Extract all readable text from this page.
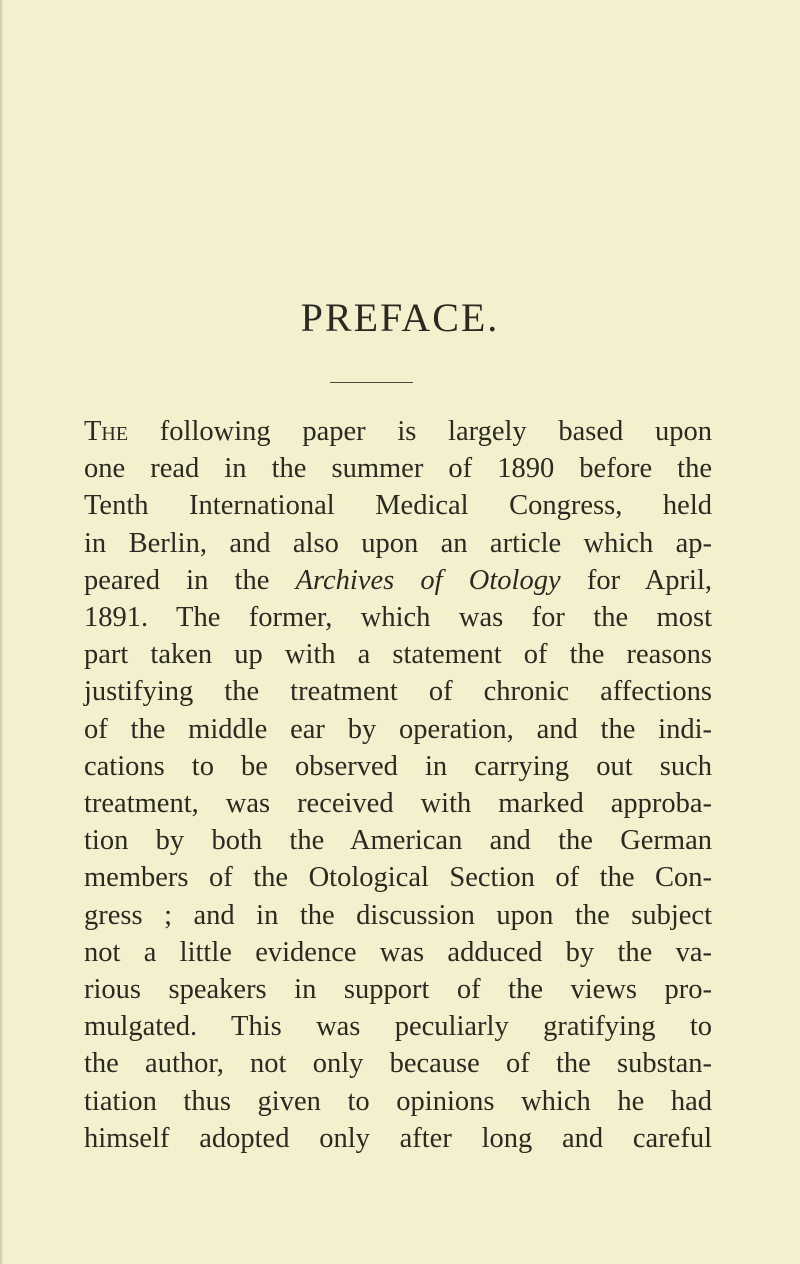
PREFACE.
The following paper is largely based upon
one read in the summer of 1890 before the
Tenth International Medical Congress, held
in Berlin, and also upon an article which ap-
peared in the Archives of Otology for April,
1891. The former, which was for the most
part taken up with a statement of the reasons
justifying the treatment of chronic affections
of the middle ear by operation, and the indi-
cations to be observed in carrying out such
treatment, was received with marked approba-
tion by both the American and the German
members of the Otological Section of the Con-
gress ; and in the discussion upon the subject
not a little evidence was adduced by the va-
rious speakers in support of the views pro-
mulgated. This was peculiarly gratifying to
the author, not only because of the substan-
tiation thus given to opinions which he had
himself adopted only after long and careful
